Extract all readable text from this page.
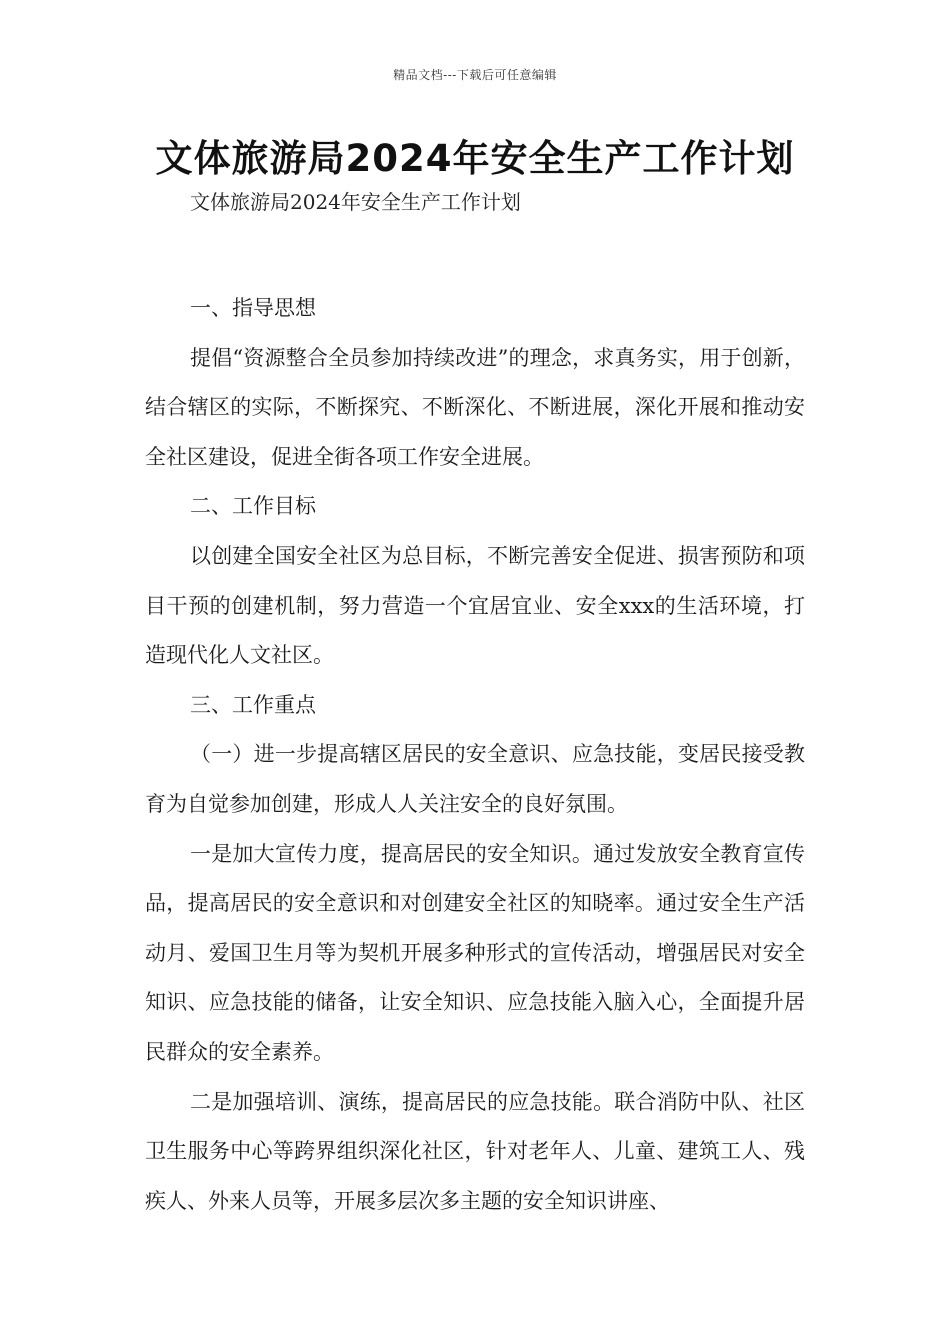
精品文档---下载后可任意编辑
文体旅游局2024年安全生产工作计划
文体旅游局2024年安全生产工作计划

一、指导思想

提倡“资源整合全员参加持续改进”的理念，求真务实，用于创新，结合辖区的实际，不断探究、不断深化、不断进展，深化开展和推动安全社区建设，促进全街各项工作安全进展。

二、工作目标

以创建全国安全社区为总目标，不断完善安全促进、损害预防和项目干预的创建机制，努力营造一个宜居宜业、安全xxx的生活环境，打造现代化人文社区。

三、工作重点

（一）进一步提高辖区居民的安全意识、应急技能，变居民接受教育为自觉参加创建，形成人人关注安全的良好氛围。

一是加大宣传力度，提高居民的安全知识。通过发放安全教育宣传品，提高居民的安全意识和对创建安全社区的知晓率。通过安全生产活动月、爱国卫生月等为契机开展多种形式的宣传活动，增强居民对安全知识、应急技能的储备，让安全知识、应急技能入脑入心，全面提升居民群众的安全素养。

二是加强培训、演练，提高居民的应急技能。联合消防中队、社区卫生服务中心等跨界组织深化社区，针对老年人、儿童、建筑工人、残疾人、外来人员等，开展多层次多主题的安全知识讲座、
